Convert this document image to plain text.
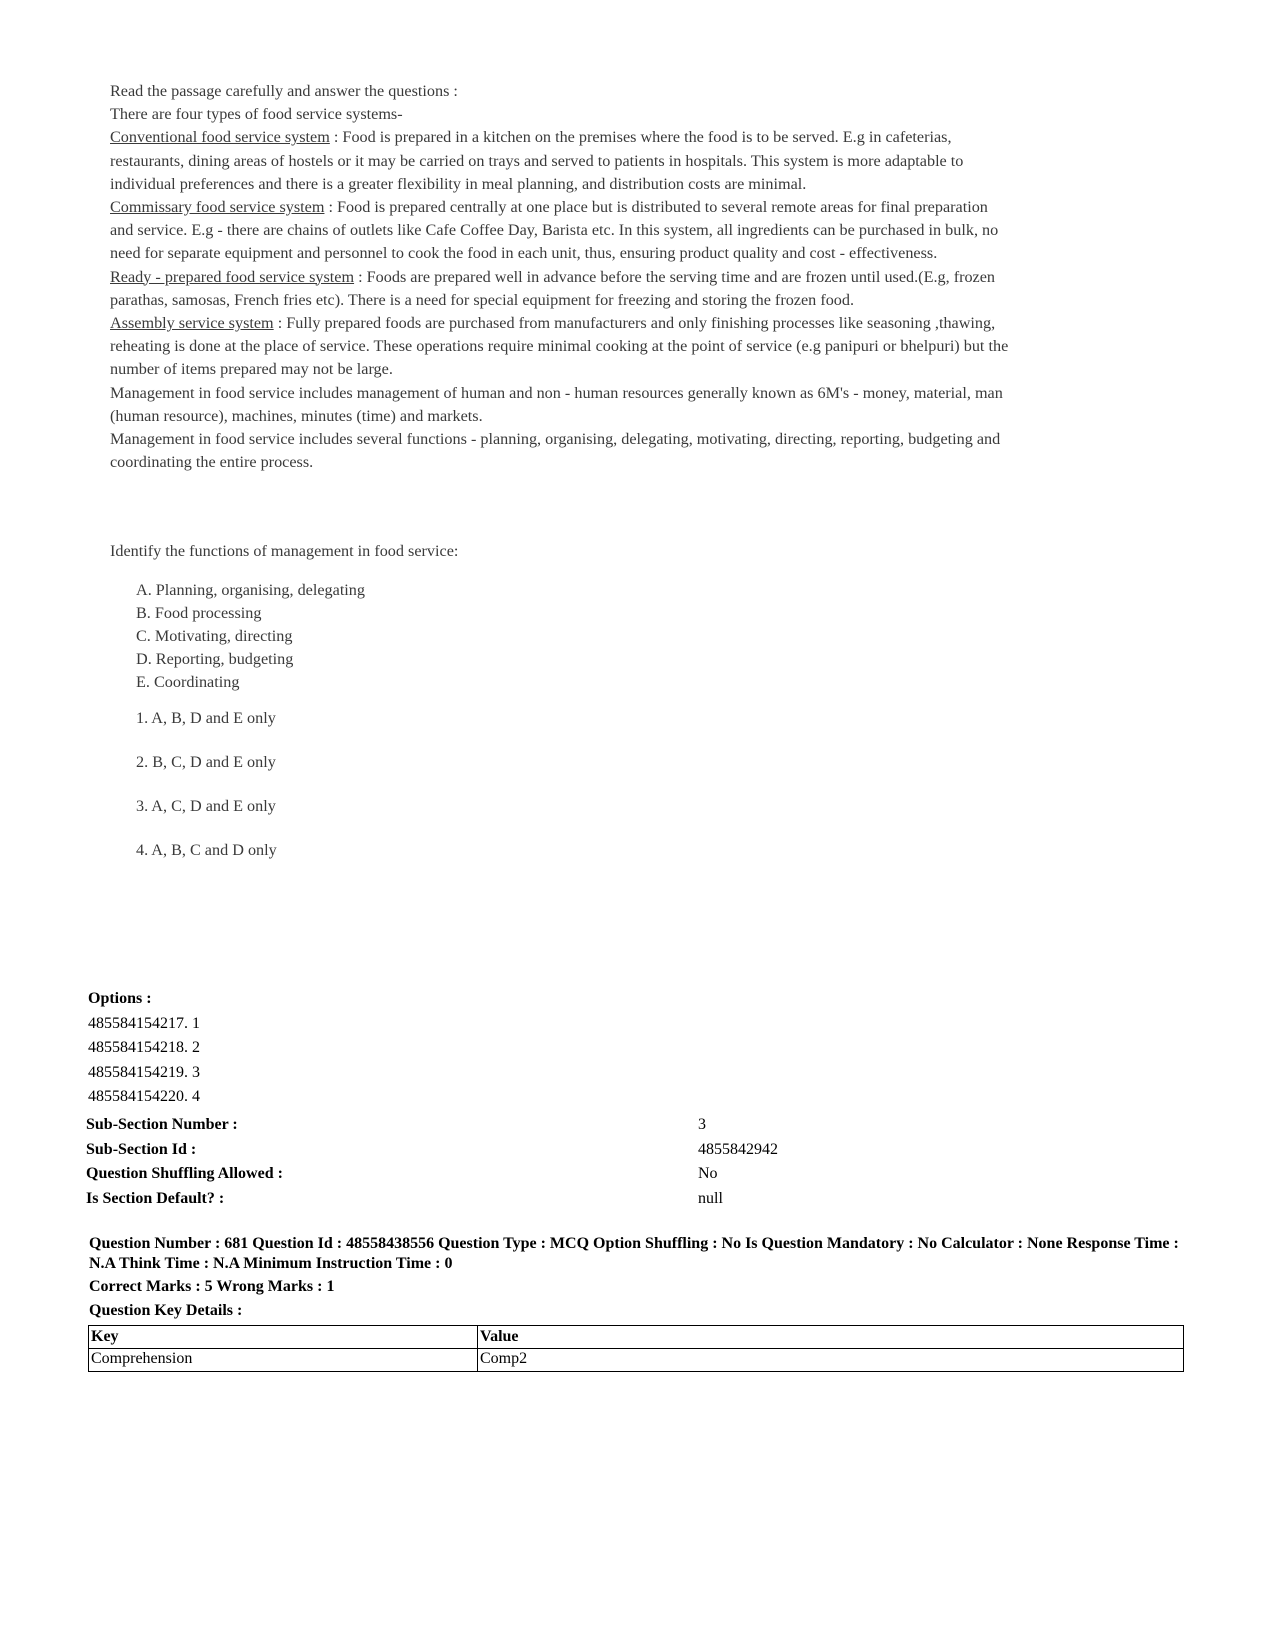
Read the passage carefully and answer the questions :

There are four types of food service systems-

Conventional food service system : Food is prepared in a kitchen on the premises where the food is to be served. E.g in cafeterias, restaurants, dining areas of hostels or it may be carried on trays and served to patients in hospitals. This system is more adaptable to individual preferences and there is a greater flexibility in meal planning, and distribution costs are minimal.

Commissary food service system : Food is prepared centrally at one place but is distributed to several remote areas for final preparation and service. E.g - there are chains of outlets like Cafe Coffee Day, Barista etc. In this system, all ingredients can be purchased in bulk, no need for separate equipment and personnel to cook the food in each unit, thus, ensuring product quality and cost - effectiveness.

Ready - prepared food service system : Foods are prepared well in advance before the serving time and are frozen until used.(E.g, frozen parathas, samosas, French fries etc). There is a need for special equipment for freezing and storing the frozen food.

Assembly service system : Fully prepared foods are purchased from manufacturers and only finishing processes like seasoning ,thawing, reheating is done at the place of service. These operations require minimal cooking at the point of service (e.g panipuri or bhelpuri) but the number of items prepared may not be large.

Management in food service includes management of human and non - human resources generally known as 6M's - money, material, man (human resource), machines, minutes (time) and markets.

Management in food service includes several functions - planning, organising, delegating, motivating, directing, reporting, budgeting and coordinating the entire process.

Identify the functions of management in food service:

A. Planning, organising, delegating

B. Food processing

C. Motivating, directing

D. Reporting, budgeting

E. Coordinating

1. A, B, D and E only

2. B, C, D and E only

3. A, C, D and E only

4. A, B, C and D only

Options :
485584154217. 1
485584154218. 2
485584154219. 3
485584154220. 4
Sub-Section Number :	3
Sub-Section Id :	4855842942
Question Shuffling Allowed :	No
Is Section Default? :	null
Question Number : 681 Question Id : 48558438556 Question Type : MCQ Option Shuffling : No Is Question Mandatory : No Calculator : None Response Time : N.A Think Time : N.A Minimum Instruction Time : 0
Correct Marks : 5 Wrong Marks : 1
Question Key Details :
Key	Value
Comprehension	Comp2
